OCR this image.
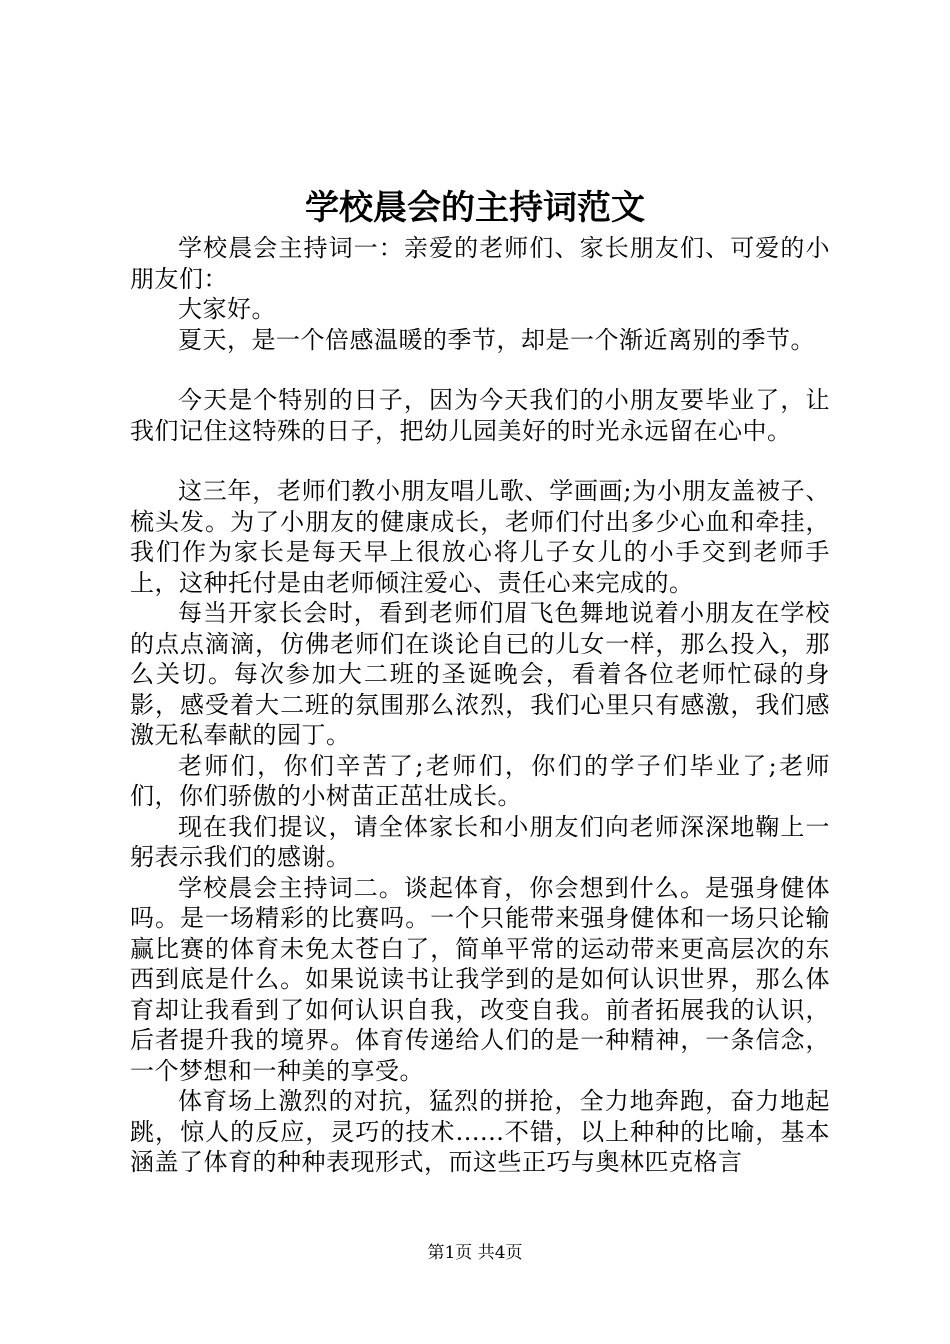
学校晨会的主持词范文

学校晨会主持词一：亲爱的老师们、家长朋友们、可爱的小朋友们：

大家好。

夏天，是一个倍感温暖的季节，却是一个渐近离别的季节。

今天是个特别的日子，因为今天我们的小朋友要毕业了，让我们记住这特殊的日子，把幼儿园美好的时光永远留在心中。

这三年，老师们教小朋友唱儿歌、学画画;为小朋友盖被子、梳头发。为了小朋友的健康成长，老师们付出多少心血和牵挂，我们作为家长是每天早上很放心将儿子女儿的小手交到老师手上，这种托付是由老师倾注爱心、责任心来完成的。

每当开家长会时，看到老师们眉飞色舞地说着小朋友在学校的点点滴滴，仿佛老师们在谈论自已的儿女一样，那么投入，那么关切。每次参加大二班的圣诞晚会，看着各位老师忙碌的身影，感受着大二班的氛围那么浓烈，我们心里只有感激，我们感激无私奉献的园丁。

老师们，你们辛苦了;老师们，你们的学子们毕业了;老师们，你们骄傲的小树苗正茁壮成长。

现在我们提议，请全体家长和小朋友们向老师深深地鞠上一躬表示我们的感谢。

学校晨会主持词二。谈起体育，你会想到什么。是强身健体吗。是一场精彩的比赛吗。一个只能带来强身健体和一场只论输赢比赛的体育未免太苍白了，简单平常的运动带来更高层次的东西到底是什么。如果说读书让我学到的是如何认识世界，那么体育却让我看到了如何认识自我，改变自我。前者拓展我的认识，后者提升我的境界。体育传递给人们的是一种精神，一条信念，一个梦想和一种美的享受。

体育场上激烈的对抗，猛烈的拼抢，全力地奔跑，奋力地起跳，惊人的反应，灵巧的技术......不错，以上种种的比喻，基本涵盖了体育的种种表现形式，而这些正巧与奥林匹克格言

第1页 共4页
